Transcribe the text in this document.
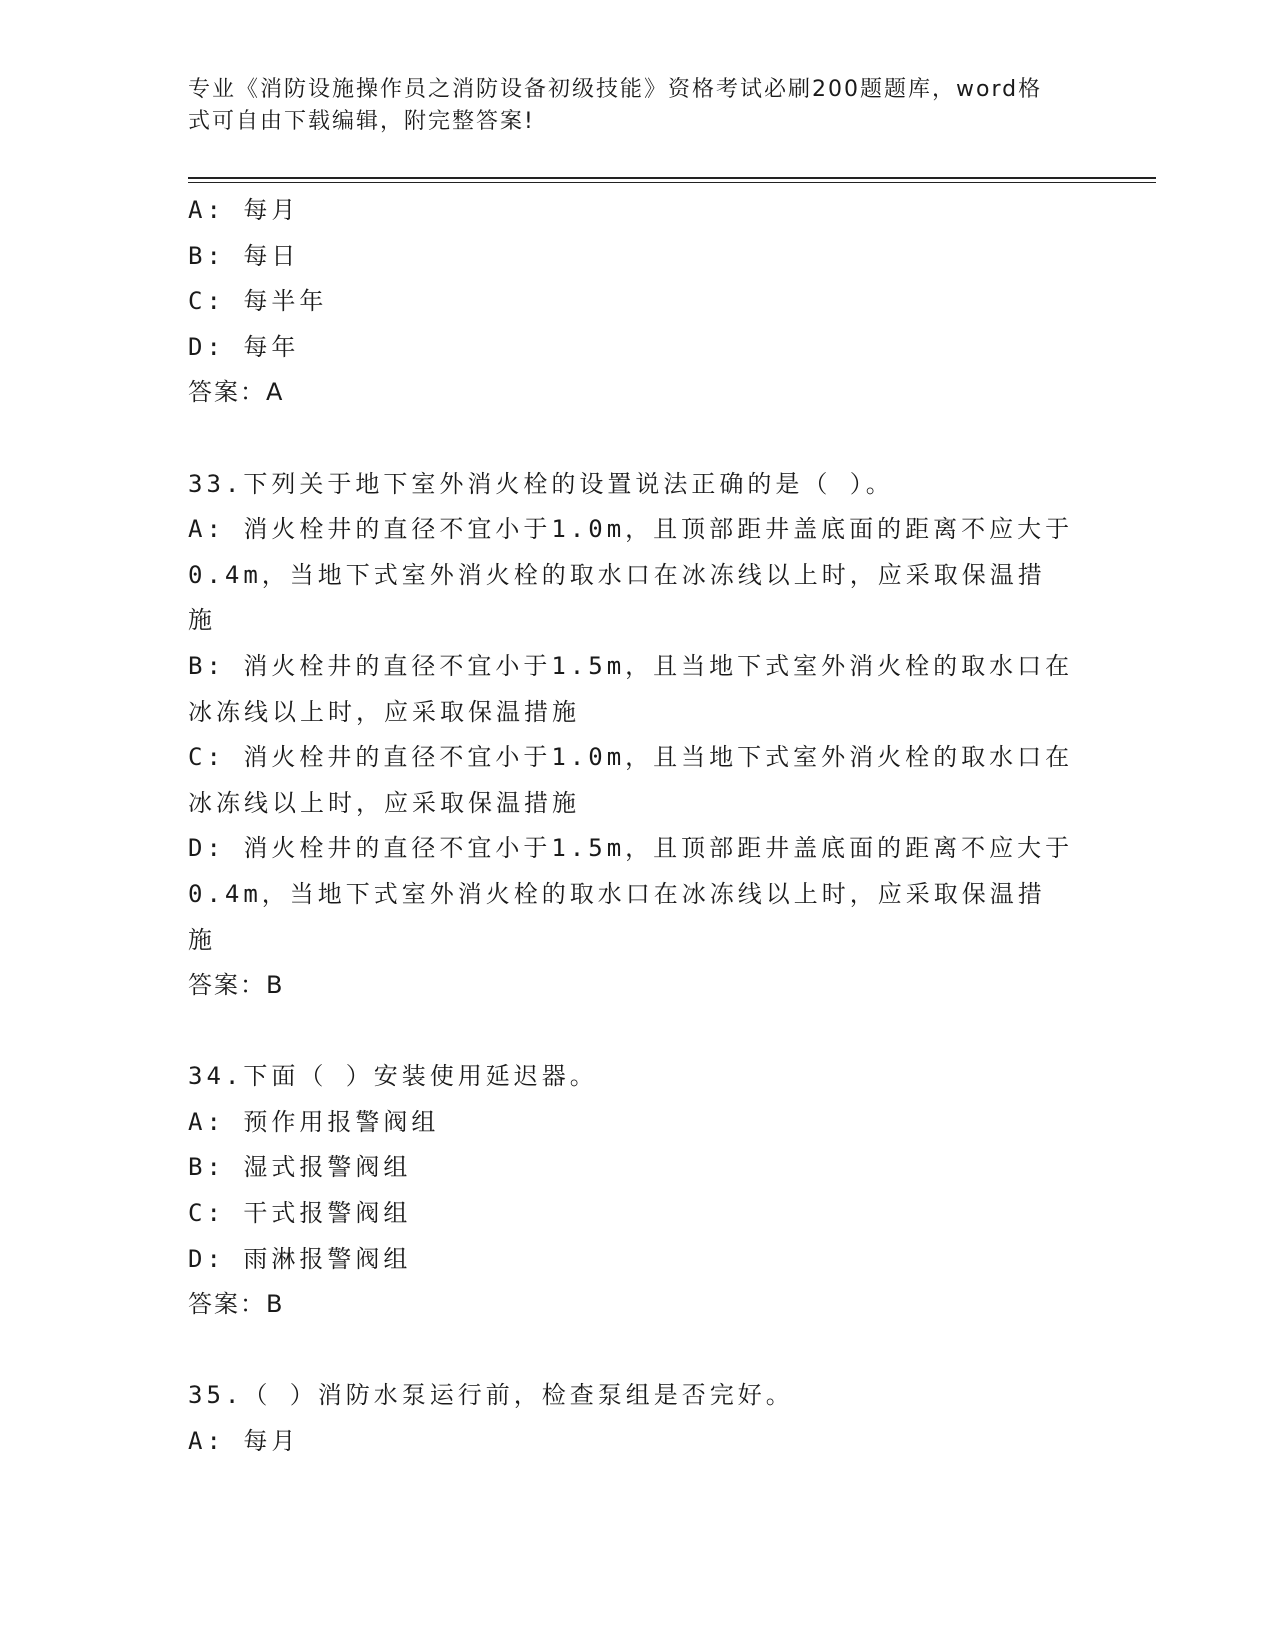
专业《消防设施操作员之消防设备初级技能》资格考试必刷200题题库，word格
式可自由下载编辑，附完整答案!
A: 每月
B: 每日
C: 每半年
D: 每年
答案：A
33.下列关于地下室外消火栓的设置说法正确的是（ ）。
A: 消火栓井的直径不宜小于1.0m，且顶部距井盖底面的距离不应大于
0.4m，当地下式室外消火栓的取水口在冰冻线以上时，应采取保温措
施
B: 消火栓井的直径不宜小于1.5m，且当地下式室外消火栓的取水口在
冰冻线以上时，应采取保温措施
C: 消火栓井的直径不宜小于1.0m，且当地下式室外消火栓的取水口在
冰冻线以上时，应采取保温措施
D: 消火栓井的直径不宜小于1.5m，且顶部距井盖底面的距离不应大于
0.4m，当地下式室外消火栓的取水口在冰冻线以上时，应采取保温措
施
答案：B
34.下面（ ）安装使用延迟器。
A: 预作用报警阀组
B: 湿式报警阀组
C: 干式报警阀组
D: 雨淋报警阀组
答案：B
35.（ ）消防水泵运行前，检查泵组是否完好。
A: 每月
